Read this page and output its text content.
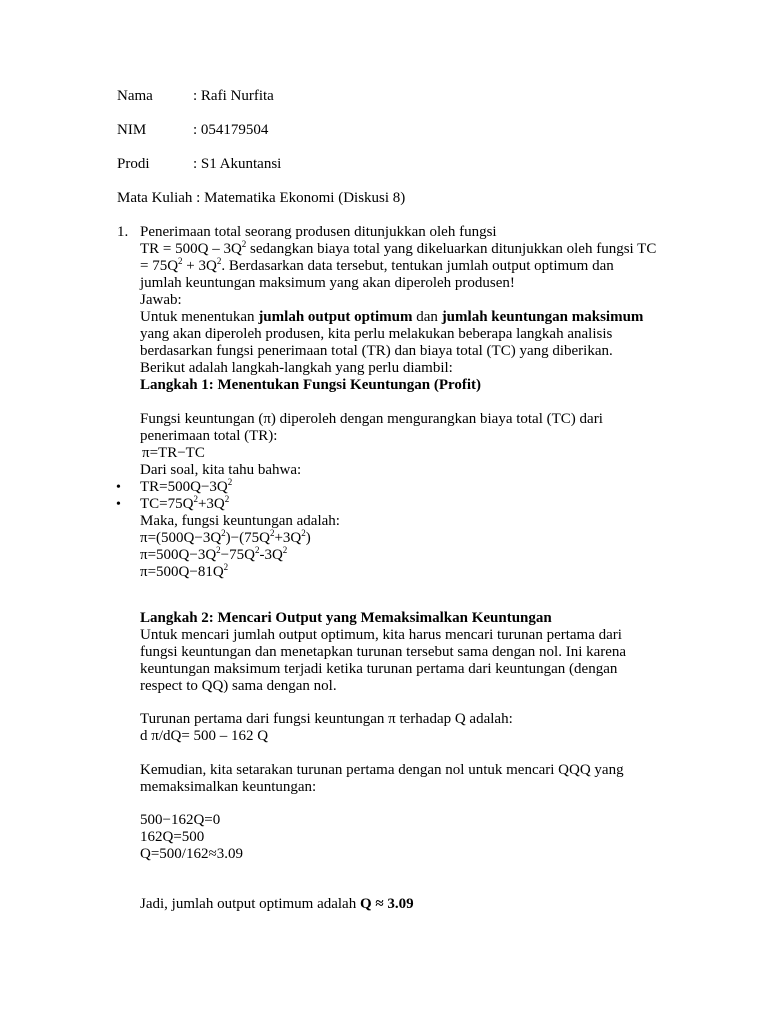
Nama	: Rafi Nurfita
NIM	: 054179504
Prodi	: S1 Akuntansi
Mata Kuliah : Matematika Ekonomi (Diskusi 8)
1. Penerimaan total seorang produsen ditunjukkan oleh fungsi
TR = $500Q - 3Q^2$ sedangkan biaya total yang dikeluarkan ditunjukkan oleh fungsi TC
= $75Q^2 + 3Q^2$. Berdasarkan data tersebut, tentukan jumlah output optimum dan
jumlah keuntungan maksimum yang akan diperoleh produsen!
Jawab:
Untuk menentukan jumlah output optimum dan jumlah keuntungan maksimum
yang akan diperoleh produsen, kita perlu melakukan beberapa langkah analisis
berdasarkan fungsi penerimaan total (TR) dan biaya total (TC) yang diberikan.
Berikut adalah langkah-langkah yang perlu diambil:
Langkah 1: Menentukan Fungsi Keuntungan (Profit)
Fungsi keuntungan (π) diperoleh dengan mengurangkan biaya total (TC) dari
penerimaan total (TR):
π=TR−TC
Dari soal, kita tahu bahwa:
• $TR=500Q-3Q^2$
• $TC=75Q^2+3Q^2$
Maka, fungsi keuntungan adalah:
$\pi=(500Q-3Q^2)-(75Q^2+3Q^2)$
$\pi=500Q-3Q^2-75Q^2-3Q^2$
$\pi=500Q-81Q^2$
Langkah 2: Mencari Output yang Memaksimalkan Keuntungan
Untuk mencari jumlah output optimum, kita harus mencari turunan pertama dari
fungsi keuntungan dan menetapkan turunan tersebut sama dengan nol. Ini karena
keuntungan maksimum terjadi ketika turunan pertama dari keuntungan (dengan
respect to QQ) sama dengan nol.
Turunan pertama dari fungsi keuntungan π terhadap Q adalah:
d π/dQ= 500 – 162 Q
Kemudian, kita setarakan turunan pertama dengan nol untuk mencari QQQ yang
memaksimalkan keuntungan:
500−162Q=0
162Q=500
Q=500/162≈3.09
Jadi, jumlah output optimum adalah Q ≈ 3.09
